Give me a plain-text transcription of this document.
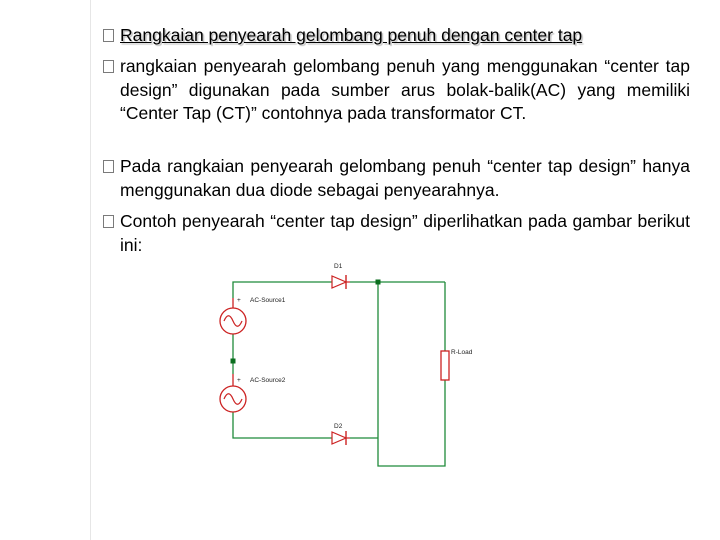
Rangkaian penyearah gelombang penuh dengan center tap
rangkaian penyearah gelombang penuh yang menggunakan “center tap design” digunakan pada sumber arus bolak-balik(AC) yang memiliki “Center Tap (CT)” contohnya pada transformator CT.
Pada rangkaian penyearah gelombang penuh “center tap design” hanya menggunakan dua diode sebagai penyearahnya.
Contoh penyearah “center tap design” diperlihatkan pada gambar berikut ini:
+ AC-Source1
+ AC-Source2
D1
D2
R-Load
